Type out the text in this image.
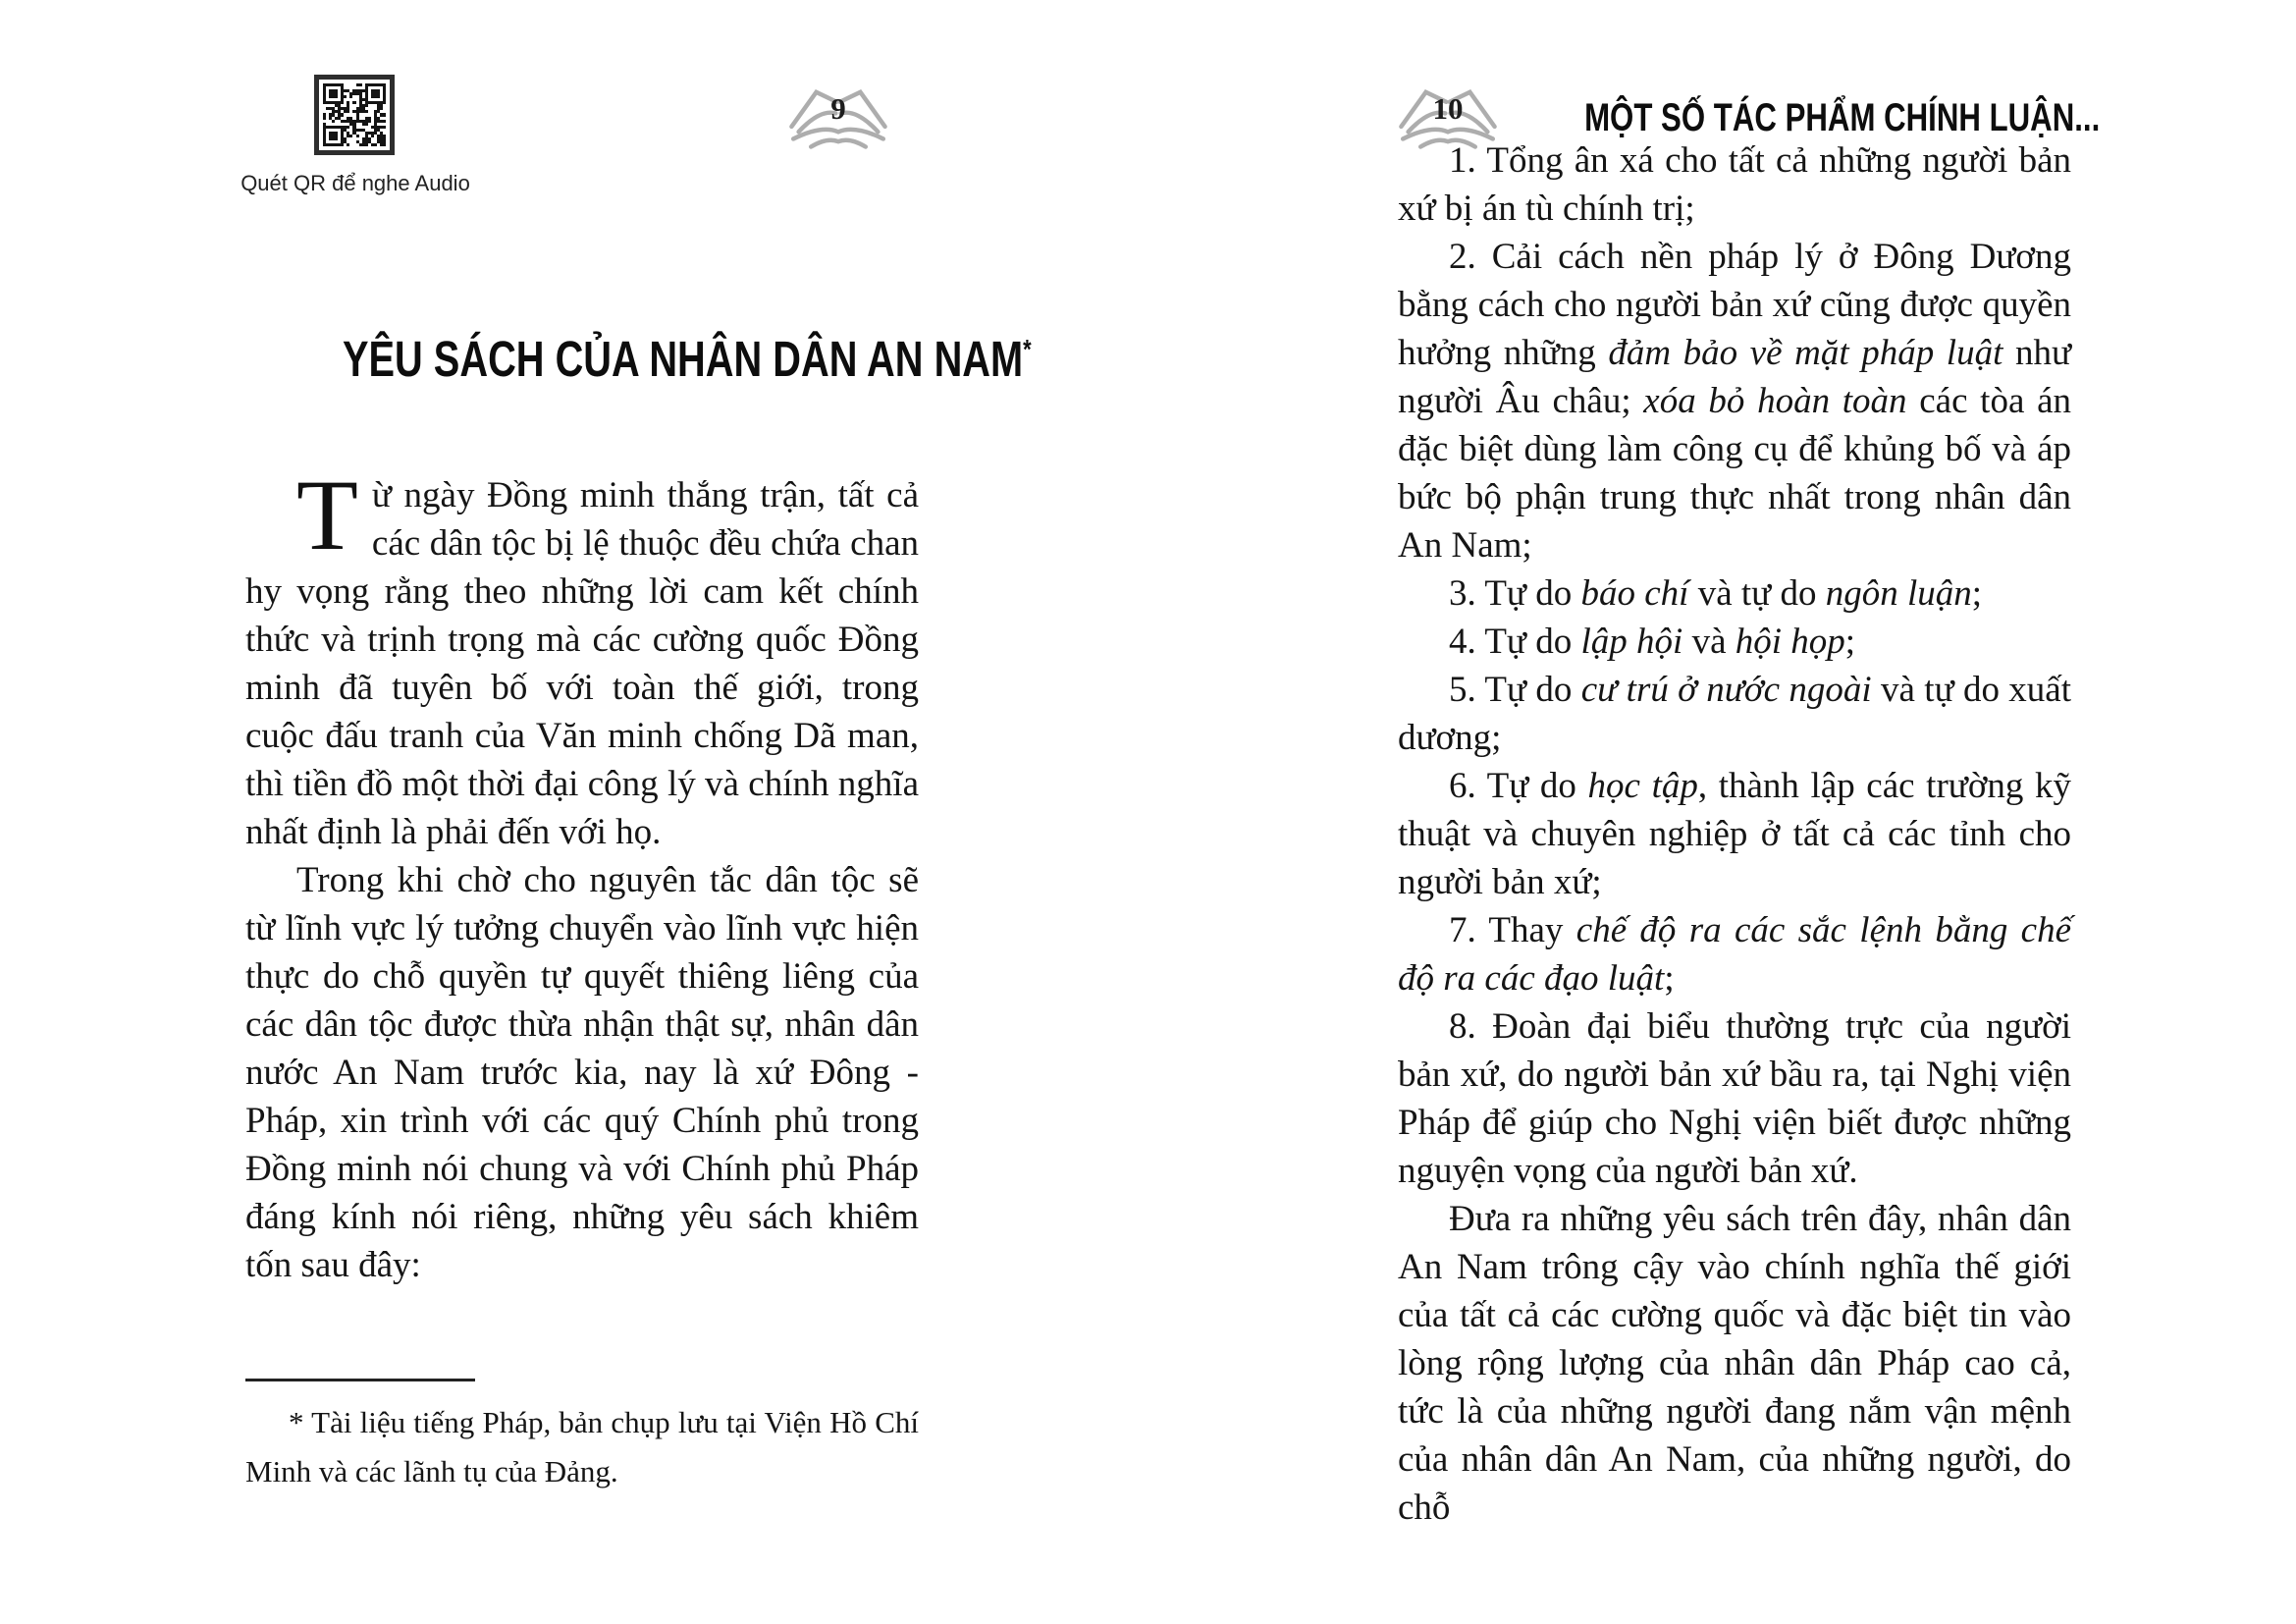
Quét QR để nghe Audio
9
YÊU SÁCH CỦA NHÂN DÂN AN NAM*

Từ ngày Đồng minh thắng trận, tất cả các dân tộc bị lệ thuộc đều chứa chan hy vọng rằng theo những lời cam kết chính thức và trịnh trọng mà các cường quốc Đồng minh đã tuyên bố với toàn thế giới, trong cuộc đấu tranh của Văn minh chống Dã man, thì tiền đồ một thời đại công lý và chính nghĩa nhất định là phải đến với họ.

Trong khi chờ cho nguyên tắc dân tộc sẽ từ lĩnh vực lý tưởng chuyển vào lĩnh vực hiện thực do chỗ quyền tự quyết thiêng liêng của các dân tộc được thừa nhận thật sự, nhân dân nước An Nam trước kia, nay là xứ Đông - Pháp, xin trình với các quý Chính phủ trong Đồng minh nói chung và với Chính phủ Pháp đáng kính nói riêng, những yêu sách khiêm tốn sau đây:

* Tài liệu tiếng Pháp, bản chụp lưu tại Viện Hồ Chí Minh và các lãnh tụ của Đảng.
10	MỘT SỐ TÁC PHẨM CHÍNH LUẬN...

1. Tổng ân xá cho tất cả những người bản xứ bị án tù chính trị;

2. Cải cách nền pháp lý ở Đông Dương bằng cách cho người bản xứ cũng được quyền hưởng những đảm bảo về mặt pháp luật như người Âu châu; xóa bỏ hoàn toàn các tòa án đặc biệt dùng làm công cụ để khủng bố và áp bức bộ phận trung thực nhất trong nhân dân An Nam;

3. Tự do báo chí và tự do ngôn luận;

4. Tự do lập hội và hội họp;

5. Tự do cư trú ở nước ngoài và tự do xuất dương;

6. Tự do học tập, thành lập các trường kỹ thuật và chuyên nghiệp ở tất cả các tỉnh cho người bản xứ;

7. Thay chế độ ra các sắc lệnh bằng chế độ ra các đạo luật;

8. Đoàn đại biểu thường trực của người bản xứ, do người bản xứ bầu ra, tại Nghị viện Pháp để giúp cho Nghị viện biết được những nguyện vọng của người bản xứ.

Đưa ra những yêu sách trên đây, nhân dân An Nam trông cậy vào chính nghĩa thế giới của tất cả các cường quốc và đặc biệt tin vào lòng rộng lượng của nhân dân Pháp cao cả, tức là của những người đang nắm vận mệnh của nhân dân An Nam, của những người, do chỗ
